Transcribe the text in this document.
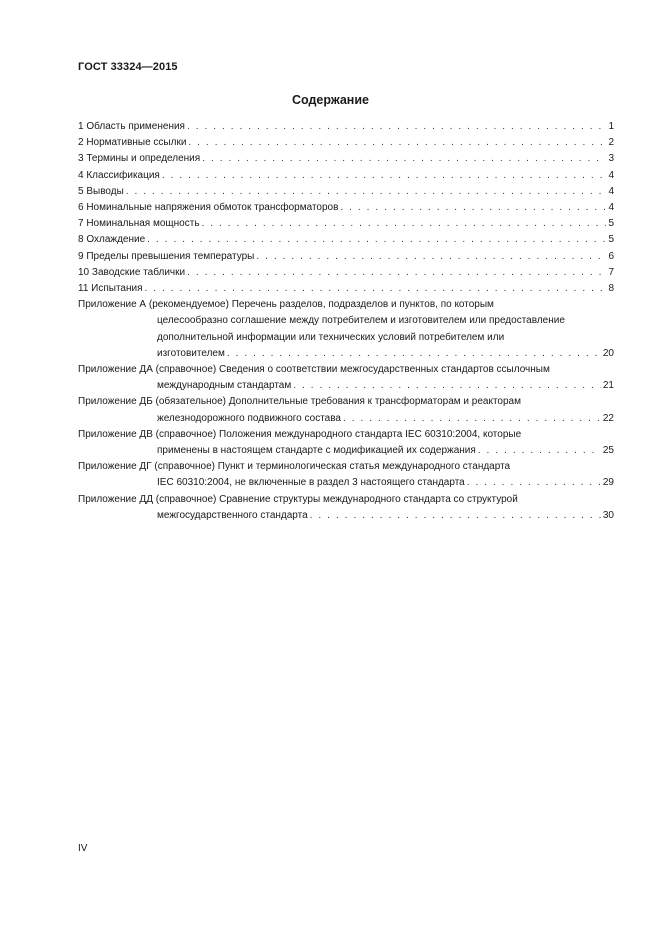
ГОСТ 33324—2015
Содержание
1 Область применения . . .	1
2 Нормативные ссылки . . .	2
3 Термины и определения . . .	3
4 Классификация . . .	4
5 Выводы . . .	4
6 Номинальные напряжения обмоток трансформаторов . . .	4
7 Номинальная мощность . . .	5
8 Охлаждение . . .	5
9 Пределы превышения температуры . . .	6
10 Заводские таблички . . .	7
11 Испытания . . .	8
Приложение А (рекомендуемое) Перечень разделов, подразделов и пунктов, по которым
целесообразно соглашение между потребителем и изготовителем или предоставление
дополнительной информации или технических условий потребителем или
изготовителем . . .	20
Приложение ДА (справочное) Сведения о соответствии межгосударственных стандартов ссылочным
международным стандартам . . .	21
Приложение ДБ (обязательное) Дополнительные требования к трансформаторам и реакторам
железнодорожного подвижного состава . . .	22
Приложение ДВ (справочное) Положения международного стандарта IEC 60310:2004, которые
применены в настоящем стандарте с модификацией их содержания . . .	25
Приложение ДГ (справочное) Пункт и терминологическая статья международного стандарта
IEC 60310:2004, не включенные в раздел 3 настоящего стандарта . . .	29
Приложение ДД (справочное) Сравнение структуры международного стандарта со структурой
межгосударственного стандарта . . .	30
IV
